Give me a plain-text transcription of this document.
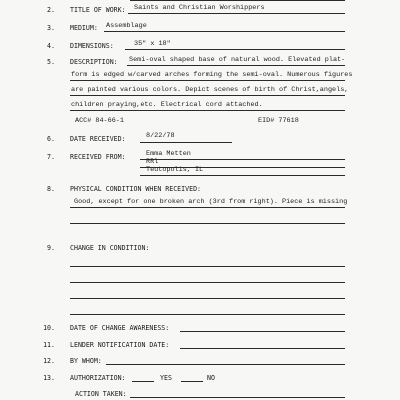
2. TITLE OF WORK: Saints and Christian Worshippers
3. MEDIUM: Assemblage
4. DIMENSIONS:	35" x 18"
5. DESCRIPTION: Semi-oval shaped base of natural wood. Elevated plat-
form is edged w/carved arches forming the semi-oval. Numerous figures
are painted various colors. Depict scenes of birth of Christ,angels,
children praying,etc. Electrical cord attached.
ACC# 84-66-1	EID# 77618
6. DATE RECEIVED:	8/22/78
7. RECEIVED FROM:	Emma Metten
RRl
Teutopolis, IL
8. PHYSICAL CONDITION WHEN RECEIVED:
Good, except for one broken arch (3rd from right). Piece is missing
9. CHANGE IN CONDITION:
10. DATE OF CHANGE AWARENESS:
11. LENDER NOTIFICATION DATE:
12. BY WHOM:
13. AUTHORIZATION:	YES	NO
ACTION TAKEN:
